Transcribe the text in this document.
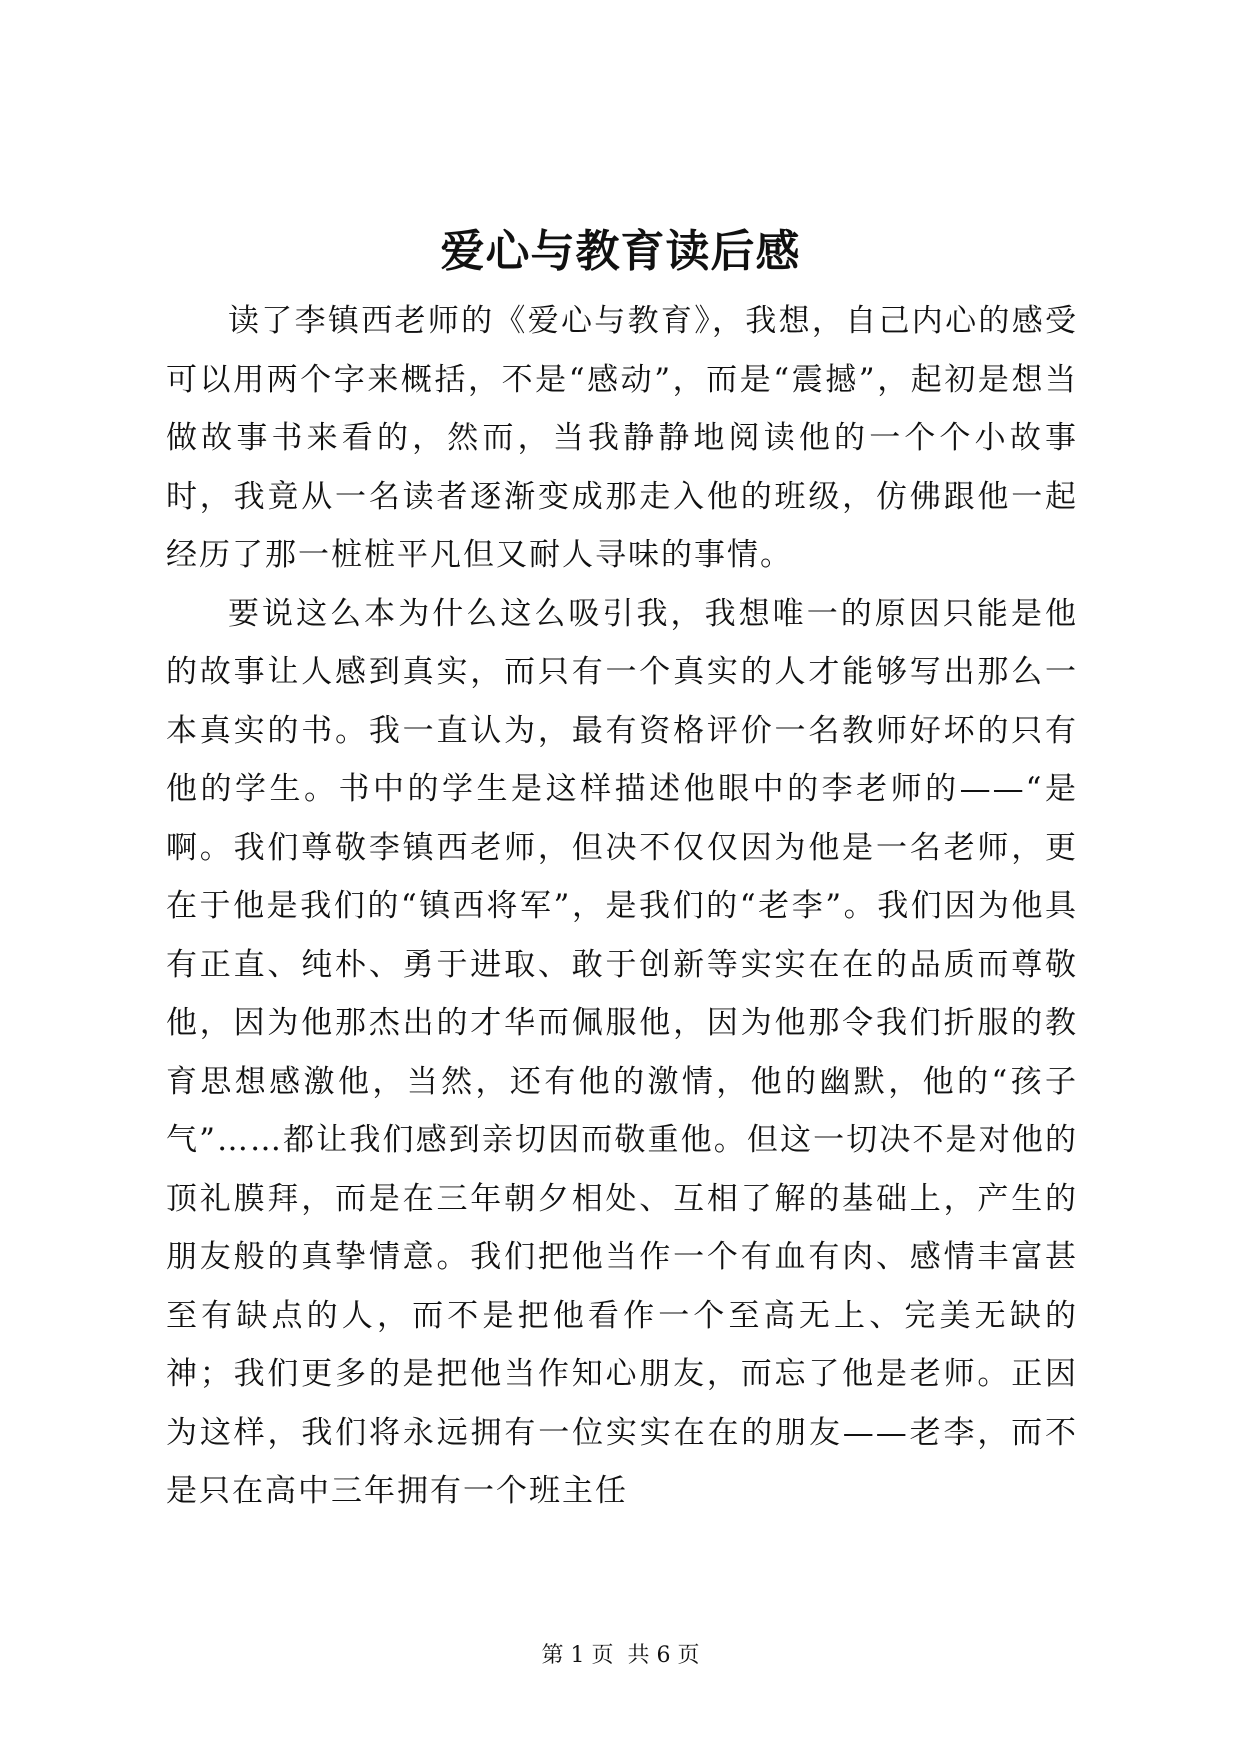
爱心与教育读后感

读了李镇西老师的《爱心与教育》，我想，自己内心的感受可以用两个字来概括，不是“感动”，而是“震撼”，起初是想当做故事书来看的，然而，当我静静地阅读他的一个个小故事时，我竟从一名读者逐渐变成那走入他的班级，仿佛跟他一起经历了那一桩桩平凡但又耐人寻味的事情。

要说这么本为什么这么吸引我，我想唯一的原因只能是他的故事让人感到真实，而只有一个真实的人才能够写出那么一本真实的书。我一直认为，最有资格评价一名教师好坏的只有他的学生。书中的学生是这样描述他眼中的李老师的——“是啊。我们尊敬李镇西老师，但决不仅仅因为他是一名老师，更在于他是我们的“镇西将军”，是我们的“老李”。我们因为他具有正直、纯朴、勇于进取、敢于创新等实实在在的品质而尊敬他，因为他那杰出的才华而佩服他，因为他那令我们折服的教育思想感激他，当然，还有他的激情，他的幽默，他的“孩子气”……都让我们感到亲切因而敬重他。但这一切决不是对他的顶礼膜拜，而是在三年朝夕相处、互相了解的基础上，产生的朋友般的真挚情意。我们把他当作一个有血有肉、感情丰富甚至有缺点的人，而不是把他看作一个至高无上、完美无缺的神；我们更多的是把他当作知心朋友，而忘了他是老师。正因为这样，我们将永远拥有一位实实在在的朋友——老李，而不是只在高中三年拥有一个班主任

第 1 页  共 6 页
